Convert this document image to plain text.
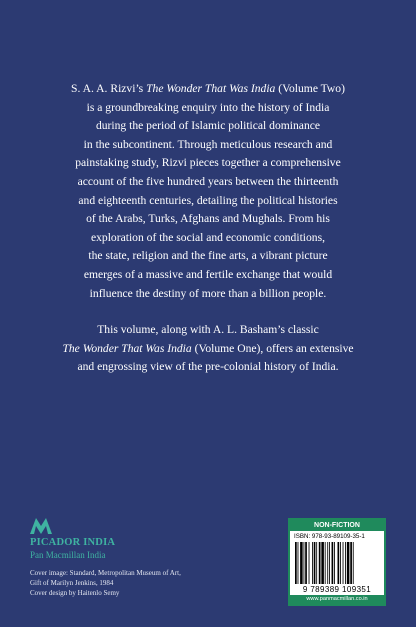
S. A. A. Rizvi’s The Wonder That Was India (Volume Two)
is a groundbreaking enquiry into the history of India
during the period of Islamic political dominance
in the subcontinent. Through meticulous research and
painstaking study, Rizvi pieces together a comprehensive
account of the five hundred years between the thirteenth
and eighteenth centuries, detailing the political histories
of the Arabs, Turks, Afghans and Mughals. From his
exploration of the social and economic conditions,
the state, religion and the fine arts, a vibrant picture
emerges of a massive and fertile exchange that would
influence the destiny of more than a billion people.
This volume, along with A. L. Basham’s classic
The Wonder That Was India (Volume One), offers an extensive
and engrossing view of the pre-colonial history of India.
PICADOR INDIA
Pan Macmillan India
Cover image: Standard, Metropolitan Museum of Art,
Gift of Marilyn Jenkins, 1984
Cover design by Haitenlo Semy
NON-FICTION
ISBN: 978-93-89109-35-1
9 789389 109351
www.panmacmillan.co.in
